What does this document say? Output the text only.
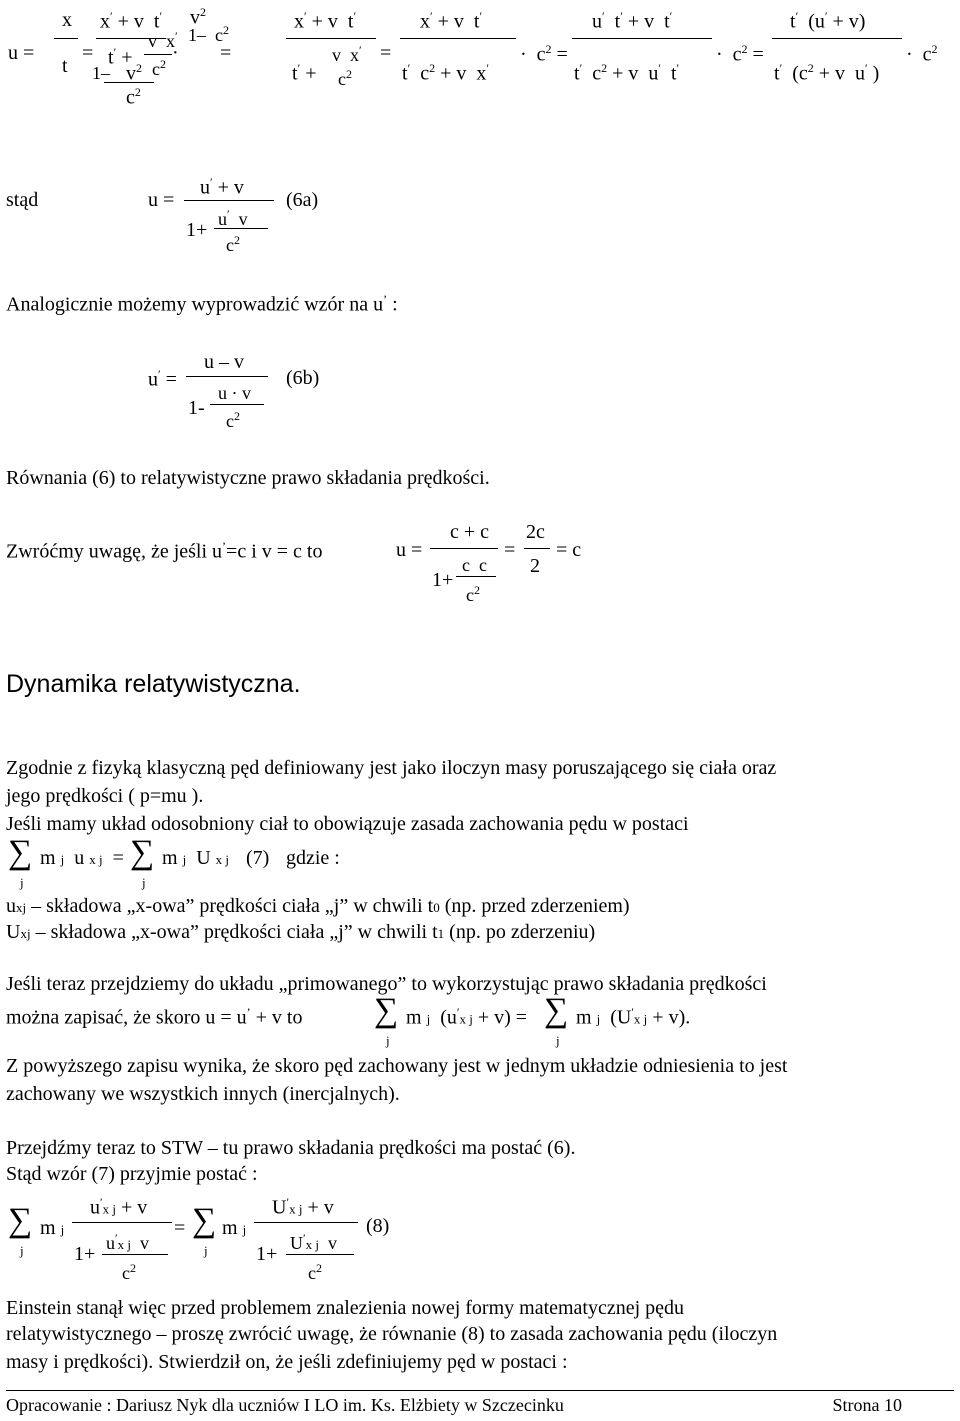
u =
x
t
=
x′ + v  t′
t′ +
v  x′
$c^2$ ·
$v^2$
1–  $c^2$
1– $v^2$
$c^2$
=
x′ + v  t′
t′ +
v  x′
$c^2$
=
x′ + v  t′
t′  $c^2 + v$  x′
·  $c^2$ =
u′  t′ + v  t′
t′  $c^2 + v$  u′  t′
·  $c^2$ =
t′  (u′ + v)
t′  ($c^2 + v$  u′ )
·  $c^2$
stąd	u =
u′ + v
1+ u′  v
$c^2$
(6a)
Analogicznie możemy wyprowadzić wzór na u’ :
u′ =
u – v
1-
u · v
$c^2$
(6b)
Równania (6) to relatywistyczne prawo składania prędkości.
Zwróćmy uwagę, że jeśli u’=c i v = c to	u =
c + c
1+
c  c
$c^2$
=
2c
2
= c
Dynamika relatywistyczna.
Zgodnie z fizyką klasyczną pęd definiowany jest jako iloczyn masy poruszającego się ciała oraz
jego prędkości ( p=mu ).
Jeśli mamy układ odosobniony ciał to obowiązuje zasada zachowania pędu w postaci
∑
j
m j  u x j  = ∑
j
m j  U x j (7) gdzie :
uxj – składowa „x-owa” prędkości ciała „j” w chwili t0 (np. przed zderzeniem)
Uxj – składowa „x-owa” prędkości ciała „j” w chwili t1 (np. po zderzeniu)
Jeśli teraz przejdziemy do układu „primowanego” to wykorzystując prawo składania prędkości
można zapisać, że skoro u = u’ + v to ∑
j
m j  (u′x j + v) = ∑
j
m j  (U′x j + v).
Z powyższego zapisu wynika, że skoro pęd zachowany jest w jednym układzie odniesienia to jest
zachowany we wszystkich innych (inercjalnych).
Przejdźmy teraz to STW – tu prawo składania prędkości ma postać (6).
Stąd wzór (7) przyjmie postać :
∑
j
m j
u′x j + v
1+ u′x j  v
$c^2$
= ∑
j
m j
U′x j + v
1+ U′x j  v
$c^2$
(8)
Einstein stanął więc przed problemem znalezienia nowej formy matematycznej pędu
relatywistycznego – proszę zwrócić uwagę, że równanie (8) to zasada zachowania pędu (iloczyn
masy i prędkości). Stwierdził on, że jeśli zdefiniujemy pęd w postaci :
Opracowanie : Dariusz Nyk dla uczniów I LO im. Ks. Elżbiety w Szczecinku	Strona 10
